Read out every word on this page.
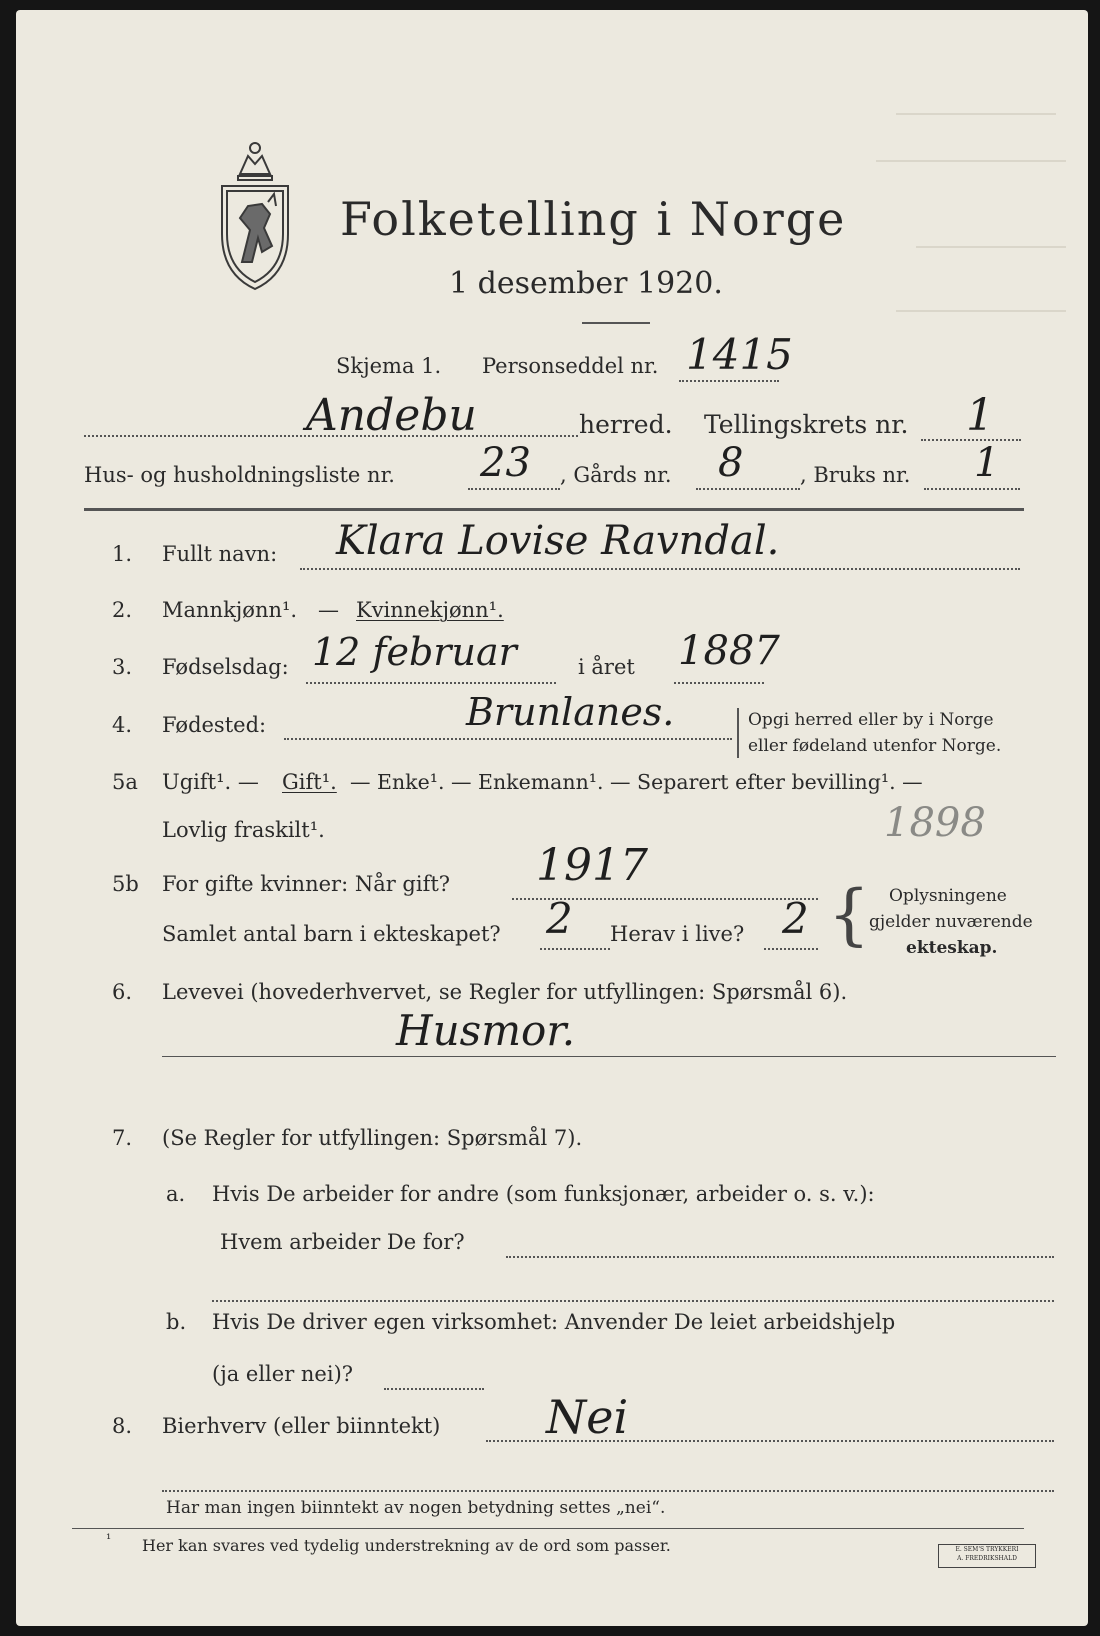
Folketelling i Norge
1 desember 1920.
Skjema 1. Personseddel nr. 1415
Andebu	herred. Tellingskrets nr. 1
Hus- og husholdningsliste nr. 23 , Gårds nr. 8	, Bruks nr. 1
1. Fullt navn: Klara Lovise Ravndal.
2. Mannkjønn¹. — Kvinnekjønn¹.
3. Fødselsdag: 12 februar	i året 1887
4. Fødested:	Brunlanes.	Opgi herred eller by i Norge
eller fødeland utenfor Norge.
5a Ugift¹. — Gift¹. — Enke¹. — Enkemann¹. — Separert efter bevilling¹. —
Lovlig fraskilt¹.	1898
5b For gifte kvinner: Når gift? 1917
Samlet antal barn i ekteskapet? 2 Herav i live? 2 { Oplysningene
gjelder nuværende
ekteskap.
6. Levevei (hovederhvervet, se Regler for utfyllingen: Spørsmål 6).
Husmor.
7. (Se Regler for utfyllingen: Spørsmål 7).
a. Hvis De arbeider for andre (som funksjonær, arbeider o. s. v.):
Hvem arbeider De for?
b. Hvis De driver egen virksomhet: Anvender De leiet arbeidshjelp
(ja eller nei)?
8. Bierhverv (eller biinntekt) Nei
Har man ingen biinntekt av nogen betydning settes „nei“.
¹ Her kan svares ved tydelig understrekning av de ord som passer.	E. SEM'S TRYKKERI
A. FREDRIKSHALD
